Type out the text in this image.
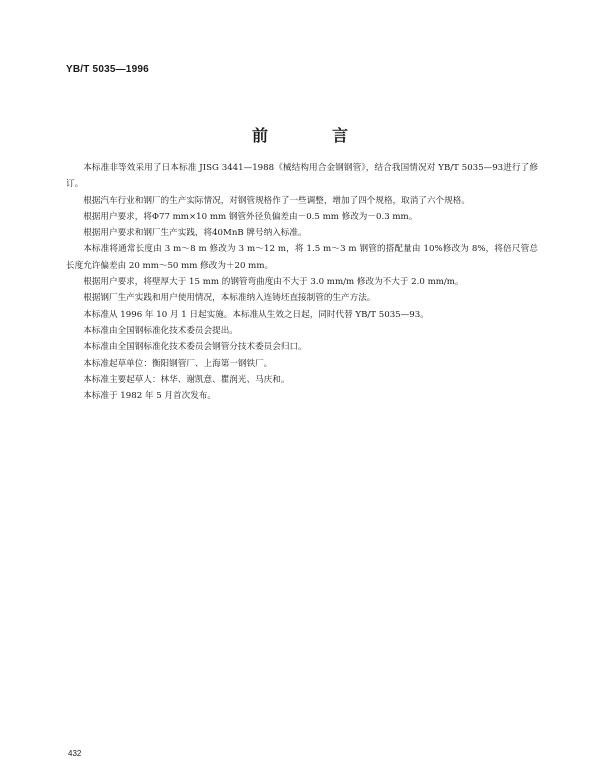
YB/T 5035—1996
前　言

本标准非等效采用了日本标准 JISG 3441—1988《械结构用合金钢钢管》，结合我国情况对 YB/T 5035—93进行了修订。

根据汽车行业和钢厂的生产实际情况，对钢管规格作了一些调整，增加了四个规格，取消了六个规格。

根据用户要求，将Φ77 mm×10 mm 钢管外径负偏差由－0.5 mm 修改为－0.3 mm。

根据用户要求和钢厂生产实践，将40MnB 牌号纳入标准。

本标准将通常长度由 3 m～8 m 修改为 3 m～12 m，将 1.5 m～3 m 钢管的搭配量由 10%修改为 8%，将倍尺管总长度允许偏差由 20 mm～50 mm 修改为＋20 mm。

根据用户要求，将壁厚大于 15 mm 的钢管弯曲度由不大于 3.0 mm/m 修改为不大于 2.0 mm/m。

根据钢厂生产实践和用户使用情况，本标准纳入连铸坯直接制管的生产方法。

本标准从 1996 年 10 月 1 日起实施。本标准从生效之日起，同时代替 YB/T 5035—93。

本标准由全国钢标准化技术委员会提出。

本标准由全国钢标准化技术委员会钢管分技术委员会归口。

本标准起草单位：衡阳钢管厂、上海第一钢铁厂。

本标准主要起草人：林华、谢凯意、瞿润光、马庆和。

本标准于 1982 年 5 月首次发布。

432
